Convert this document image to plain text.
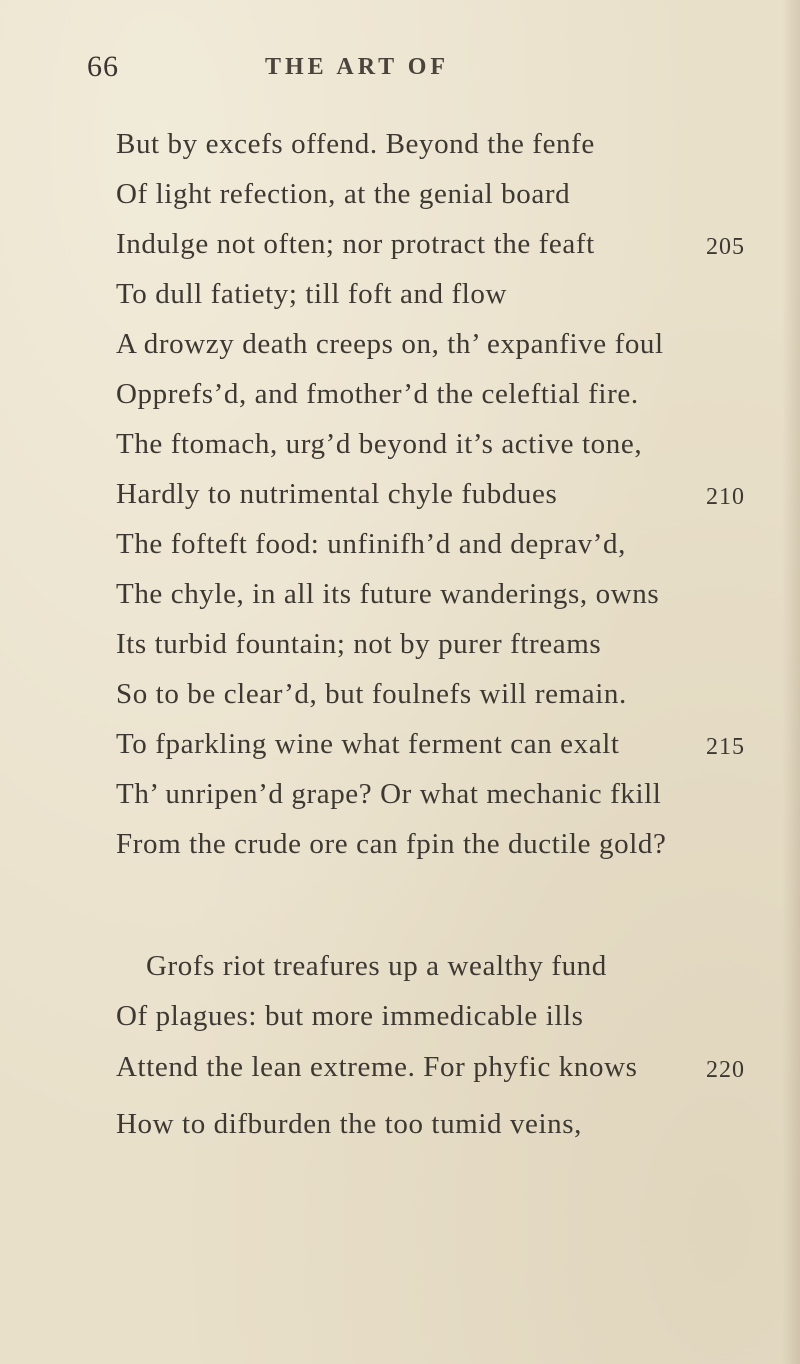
66	THE ART OF
But by excefs offend. Beyond the fenfe
Of light refection, at the genial board
Indulge not often; nor protract the feaft
To dull fatiety; till foft and flow
A drowzy death creeps on, th’ expanfive foul
Opprefs’d, and fmother’d the celeftial fire.
The ftomach, urg’d beyond it’s active tone,
Hardly to nutrimental chyle fubdues
The fofteft food: unfinifh’d and deprav’d,
The chyle, in all its future wanderings, owns
Its turbid fountain; not by purer ftreams
So to be clear’d, but foulnefs will remain.
To fparkling wine what ferment can exalt
Th’ unripen’d grape? Or what mechanic fkill
From the crude ore can fpin the ductile gold?
Grofs riot treafures up a wealthy fund
Of plagues: but more immedicable ills
Attend the lean extreme. For phyfic knows
How to difburden the too tumid veins,
205
210
215
220
